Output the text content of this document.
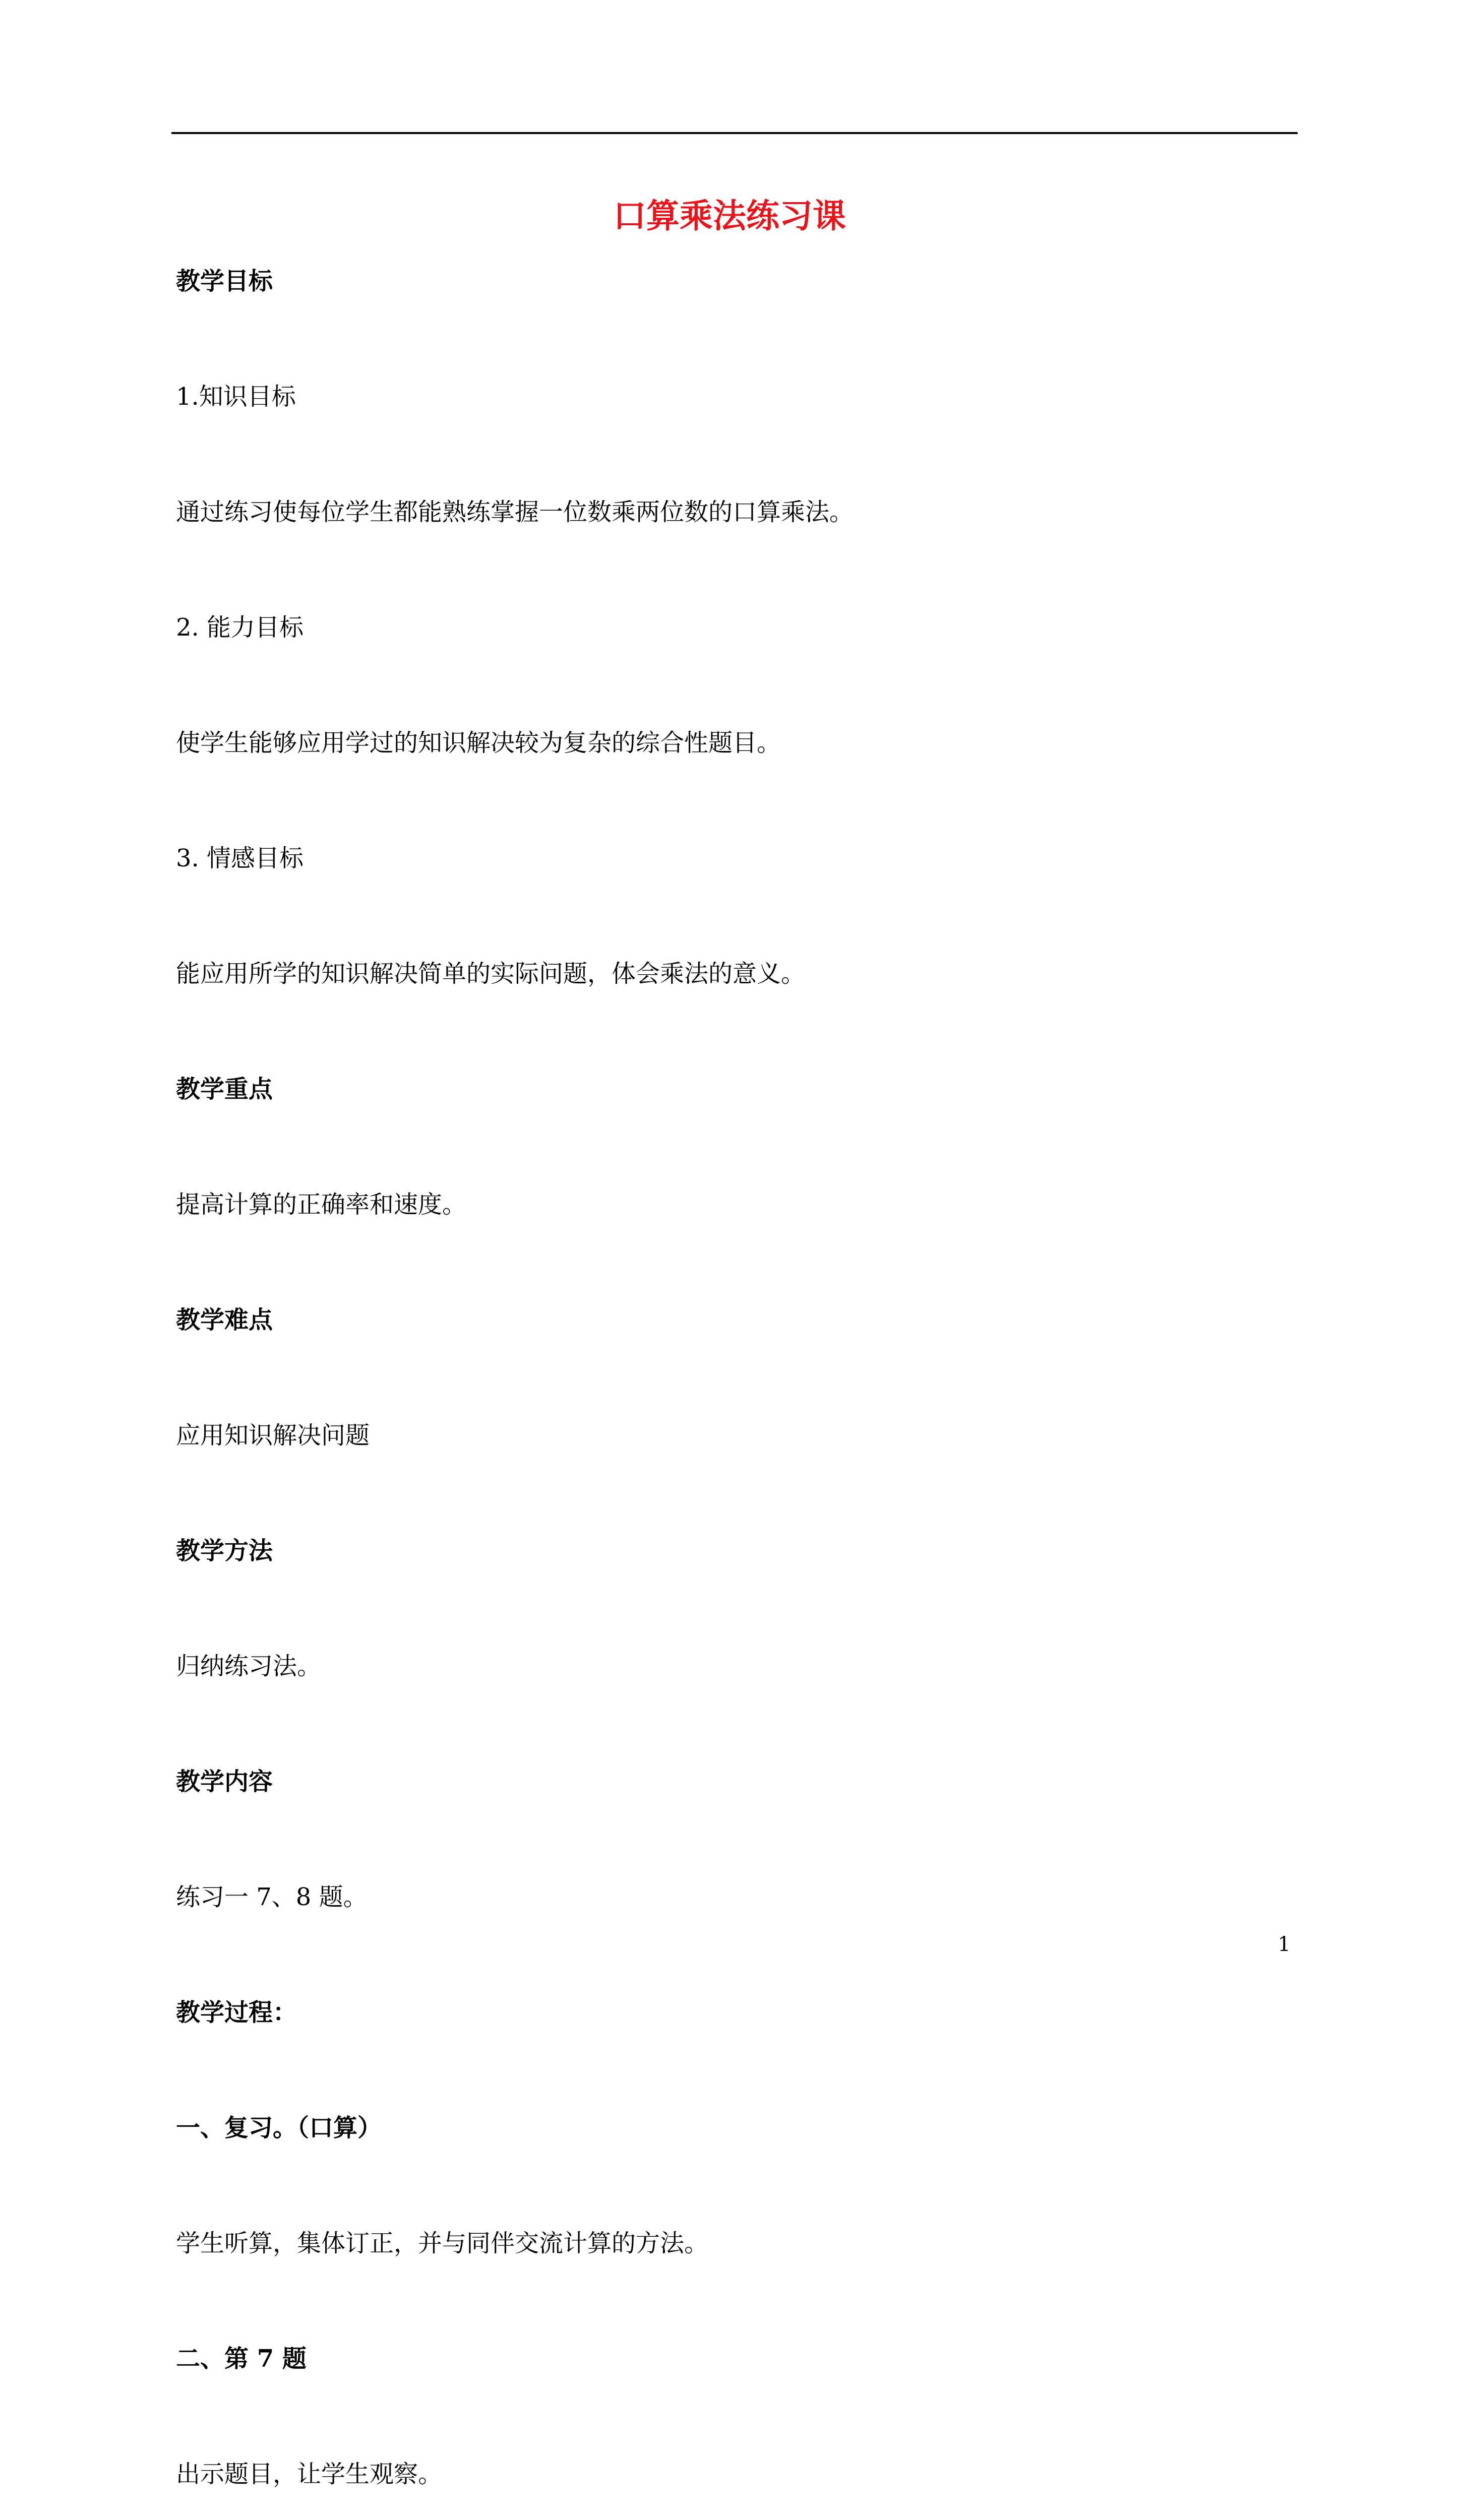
口算乘法练习课
教学目标
1.知识目标
通过练习使每位学生都能熟练掌握一位数乘两位数的口算乘法。
2. 能力目标
使学生能够应用学过的知识解决较为复杂的综合性题目。
3. 情感目标
能应用所学的知识解决简单的实际问题，体会乘法的意义。
教学重点
提高计算的正确率和速度。
教学难点
应用知识解决问题
教学方法
归纳练习法。
教学内容
练习一 7、8 题。
教学过程：
一、复习。（口算）
学生听算，集体订正，并与同伴交流计算的方法。
二、第 7 题
出示题目，让学生观察。
1
